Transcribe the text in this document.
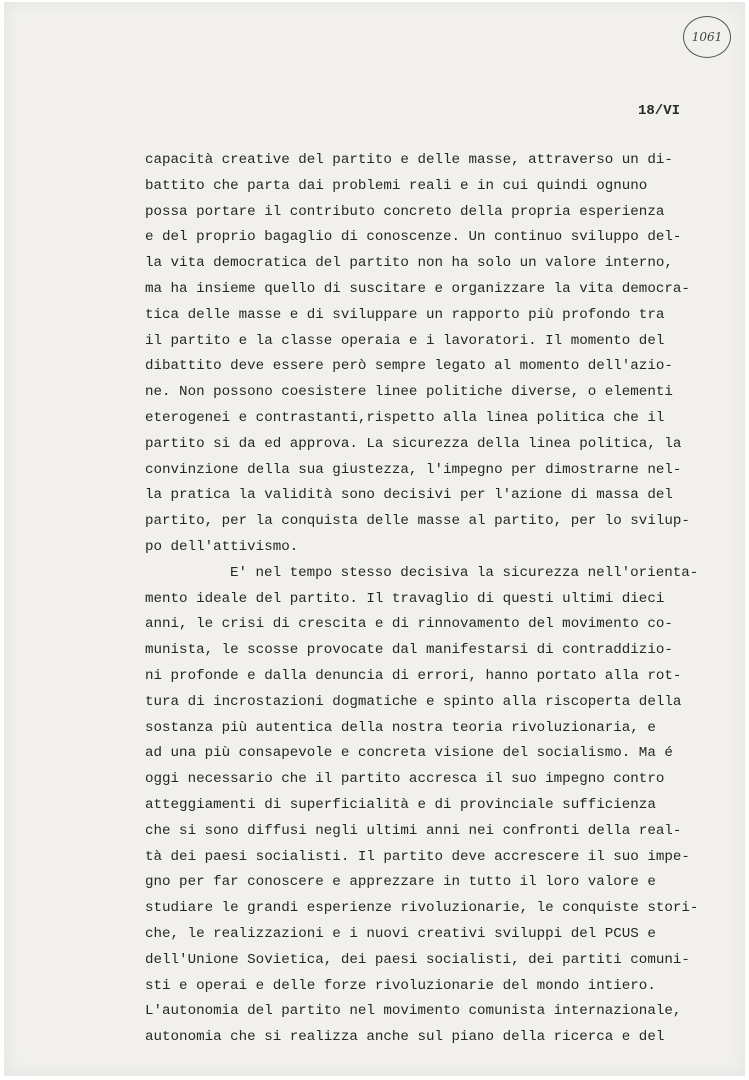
1061
18/VI
capacità creative del partito e delle masse, attraverso un di-
battito che parta dai problemi reali e in cui quindi ognuno
possa portare il contributo concreto della propria esperienza
e del proprio bagaglio di conoscenze. Un continuo sviluppo del-
la vita democratica del partito non ha solo un valore interno,
ma ha insieme quello di suscitare e organizzare la vita democra-
tica delle masse e di sviluppare un rapporto più profondo tra
il partito e la classe operaia e i lavoratori. Il momento del
dibattito deve essere però sempre legato al momento dell'azio-
ne. Non possono coesistere linee politiche diverse, o elementi
eterogenei e contrastanti,rispetto alla linea politica che il
partito si da ed approva. La sicurezza della linea politica, la
convinzione della sua giustezza, l'impegno per dimostrarne nel-
la pratica la validità sono decisivi per l'azione di massa del
partito, per la conquista delle masse al partito, per lo svilup-
po dell'attivismo.
E' nel tempo stesso decisiva la sicurezza nell'orienta-
mento ideale del partito. Il travaglio di questi ultimi dieci
anni, le crisi di crescita e di rinnovamento del movimento co-
munista, le scosse provocate dal manifestarsi di contraddizio-
ni profonde e dalla denuncia di errori, hanno portato alla rot-
tura di incrostazioni dogmatiche e spinto alla riscoperta della
sostanza più autentica della nostra teoria rivoluzionaria, e
ad una più consapevole e concreta visione del socialismo. Ma é
oggi necessario che il partito accresca il suo impegno contro
atteggiamenti di superficialità e di provinciale sufficienza
che si sono diffusi negli ultimi anni nei confronti della real-
tà dei paesi socialisti. Il partito deve accrescere il suo impe-
gno per far conoscere e apprezzare in tutto il loro valore e
studiare le grandi esperienze rivoluzionarie, le conquiste stori-
che, le realizzazioni e i nuovi creativi sviluppi del PCUS e
dell'Unione Sovietica, dei paesi socialisti, dei partiti comuni-
sti e operai e delle forze rivoluzionarie del mondo intiero.
L'autonomia del partito nel movimento comunista internazionale,
autonomia che si realizza anche sul piano della ricerca e del
